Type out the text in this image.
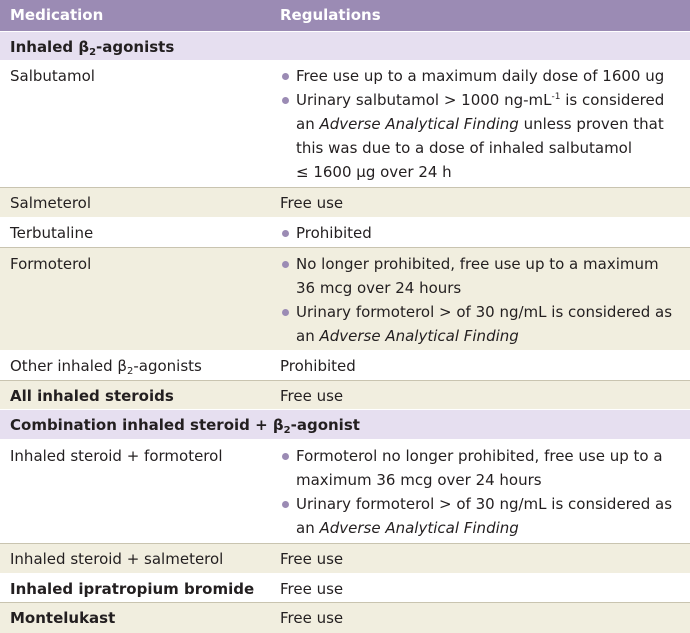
Medication	Regulations
Inhaled $\beta_2$-agonists
Salbutamol	Free use up to a maximum daily dose of 1600 ug
Urinary salbutamol > 1000 $ng-mL^{-1}$ is considered
an Adverse Analytical Finding unless proven that
this was due to a dose of inhaled salbutamol
≤ 1600 µg over 24 h
Salmeterol	Free use
Terbutaline	Prohibited
Formoterol	No longer prohibited, free use up to a maximum
36 mcg over 24 hours
Urinary formoterol > of 30 ng/mL is considered as
an Adverse Analytical Finding
Other inhaled $\beta_2$-agonists	Prohibited
All inhaled steroids	Free use
Combination inhaled steroid + $\beta_2$-agonist
Inhaled steroid + formoterol	Formoterol no longer prohibited, free use up to a
maximum 36 mcg over 24 hours
Urinary formoterol > of 30 ng/mL is considered as
an Adverse Analytical Finding
Inhaled steroid + salmeterol	Free use
Inhaled ipratropium bromide Free use
Montelukast	Free use
